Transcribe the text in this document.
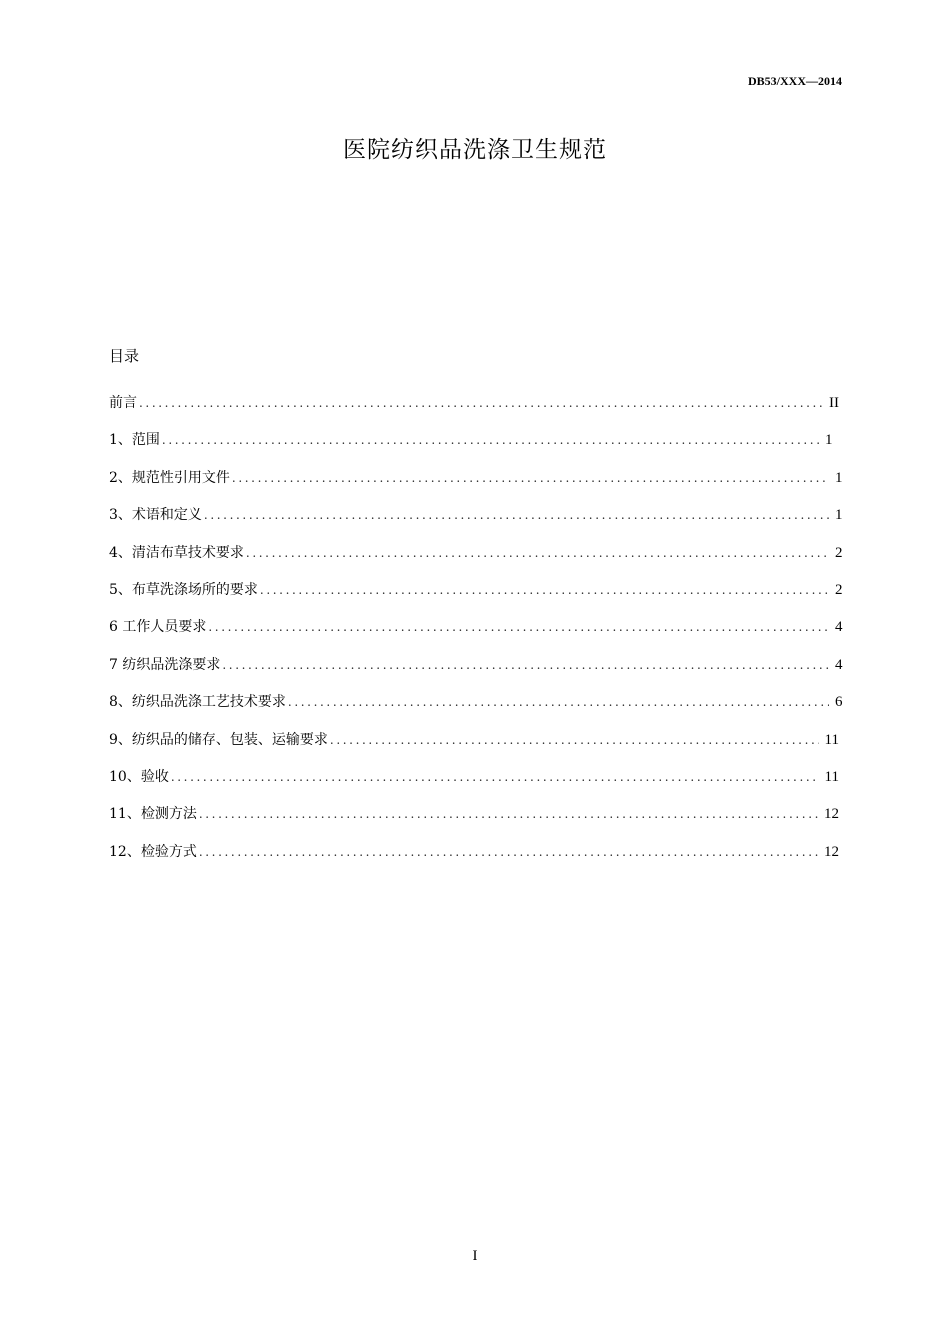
DB53/XXX—2014
医院纺织品洗涤卫生规范
目录
前言 .....	II
1、范围 .....	1
2、规范性引用文件 .....	1
3、术语和定义 .....	1
4、清洁布草技术要求 .....	2
5、布草洗涤场所的要求 .....	2
6 工作人员要求 .....	4
7 纺织品洗涤要求 .....	4
8、纺织品洗涤工艺技术要求 .....	6
9、纺织品的储存、包装、运输要求 .....	11
10、验收 .....	11
11、检测方法 .....	12
12、检验方式 .....	12
I
